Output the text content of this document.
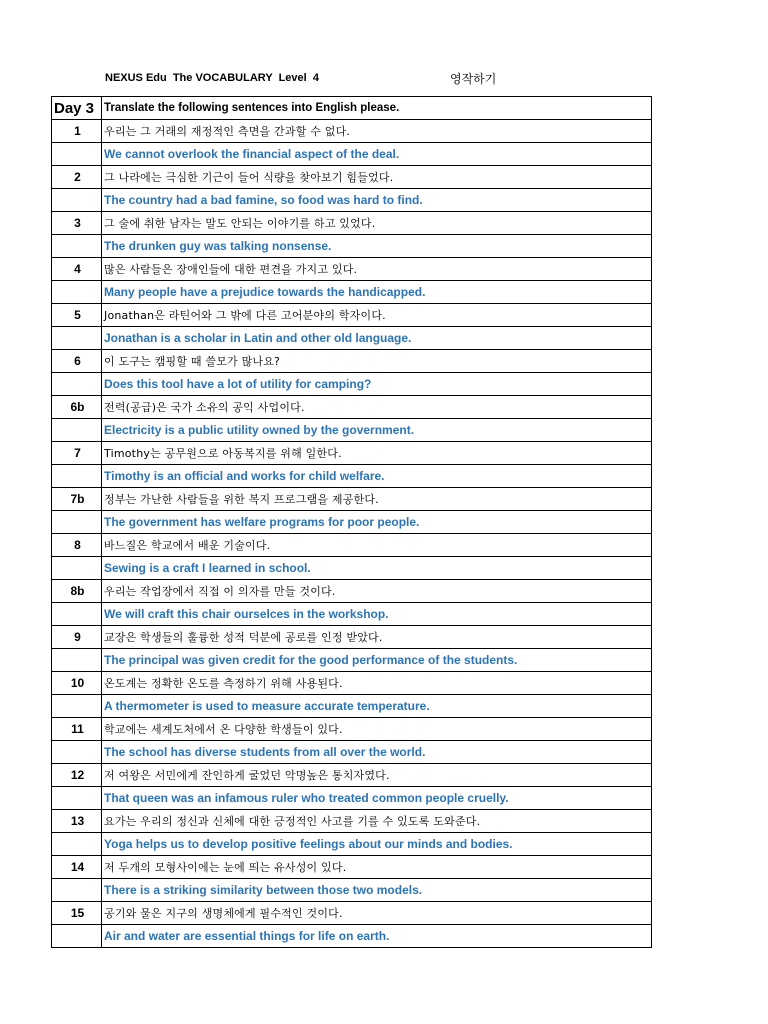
NEXUS Edu  The VOCABULARY  Level  4	영작하기
Day 3	Translate the following sentences into English please.
1	우리는 그 거래의 재정적인 측면을 간과할 수 없다.
	We cannot overlook the financial aspect of the deal.
2	그 나라에는 극심한 기근이 들어 식량을 찾아보기 힘들었다.
	The country had a bad famine, so food was hard to find.
3	그 술에 취한 남자는 말도 안되는 이야기를 하고 있었다.
	The drunken guy was talking nonsense.
4	많은 사람들은 장애인들에 대한 편견을 가지고 있다.
	Many people have a prejudice towards the handicapped.
5	Jonathan은 라틴어와 그 밖에 다른 고어분야의 학자이다.
	Jonathan is a scholar in Latin and other old language.
6	이 도구는 캠핑할 때 쓸모가 많나요?
	Does this tool have a lot of utility for camping?
6b	전력(공급)은 국가 소유의 공익 사업이다.
	Electricity is a public utility owned by the government.
7	Timothy는 공무원으로 아동복지를 위해 일한다.
	Timothy is an official and works for child welfare.
7b	정부는 가난한 사람들을 위한 복지 프로그램을 제공한다.
	The government has welfare programs for poor people.
8	바느질은 학교에서 배운 기술이다.
	Sewing is a craft I learned in school.
8b	우리는 작업장에서 직접 이 의자를 만들 것이다.
	We will craft this chair ourselces in the workshop.
9	교장은 학생들의 훌륭한 성적 덕분에 공로를 인정 받았다.
	The principal was given credit for the good performance of the students.
10	온도계는 정확한 온도를 측정하기 위해 사용된다.
	A thermometer is used to measure accurate temperature.
11	학교에는 세계도처에서 온 다양한 학생들이 있다.
	The school has diverse students from all over the world.
12	저 여왕은 서민에게 잔인하게 굴었던 악명높은 통치자였다.
	That queen was an infamous ruler who treated common people cruelly.
13	요가는 우리의 정신과 신체에 대한 긍정적인 사고를 기를 수 있도록 도와준다.
	Yoga helps us to develop positive feelings about our minds and bodies.
14	저 두개의 모형사이에는 눈에 띄는 유사성이 있다.
	There is a striking similarity between those two models.
15	공기와 물은 지구의 생명체에게 필수적인 것이다.
	Air and water are essential things for life on earth.
